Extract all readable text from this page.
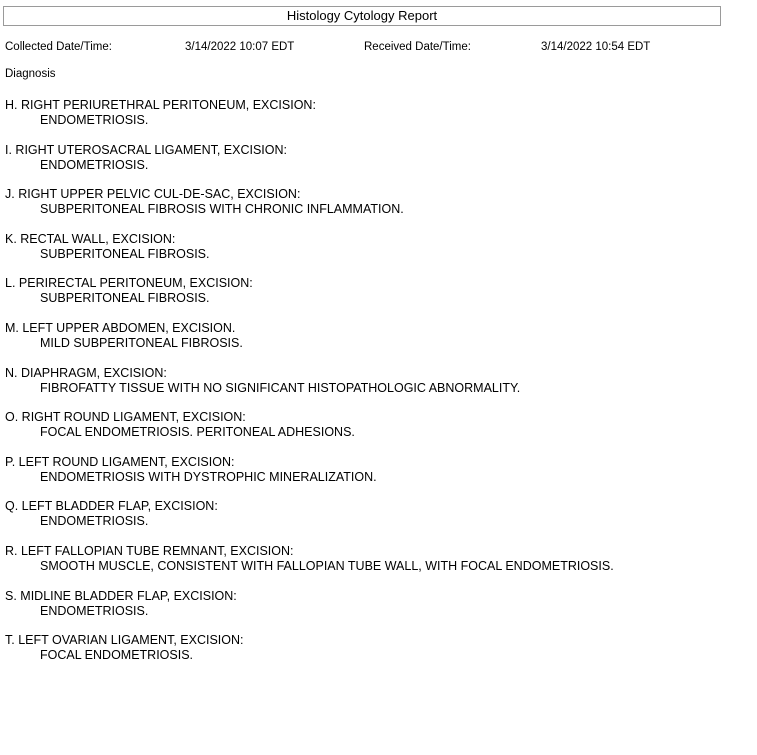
Histology Cytology Report
Collected Date/Time:	3/14/2022 10:07 EDT	Received Date/Time:	3/14/2022 10:54 EDT
Diagnosis
H. RIGHT PERIURETHRAL PERITONEUM, EXCISION:
ENDOMETRIOSIS.
I. RIGHT UTEROSACRAL LIGAMENT, EXCISION:
ENDOMETRIOSIS.
J. RIGHT UPPER PELVIC CUL-DE-SAC, EXCISION:
SUBPERITONEAL FIBROSIS WITH CHRONIC INFLAMMATION.
K. RECTAL WALL, EXCISION:
SUBPERITONEAL FIBROSIS.
L. PERIRECTAL PERITONEUM, EXCISION:
SUBPERITONEAL FIBROSIS.
M. LEFT UPPER ABDOMEN, EXCISION.
MILD SUBPERITONEAL FIBROSIS.
N. DIAPHRAGM, EXCISION:
FIBROFATTY TISSUE WITH NO SIGNIFICANT HISTOPATHOLOGIC ABNORMALITY.
O. RIGHT ROUND LIGAMENT, EXCISION:
FOCAL ENDOMETRIOSIS. PERITONEAL ADHESIONS.
P. LEFT ROUND LIGAMENT, EXCISION:
ENDOMETRIOSIS WITH DYSTROPHIC MINERALIZATION.
Q. LEFT BLADDER FLAP, EXCISION:
ENDOMETRIOSIS.
R. LEFT FALLOPIAN TUBE REMNANT, EXCISION:
SMOOTH MUSCLE, CONSISTENT WITH FALLOPIAN TUBE WALL, WITH FOCAL ENDOMETRIOSIS.
S. MIDLINE BLADDER FLAP, EXCISION:
ENDOMETRIOSIS.
T. LEFT OVARIAN LIGAMENT, EXCISION:
FOCAL ENDOMETRIOSIS.
